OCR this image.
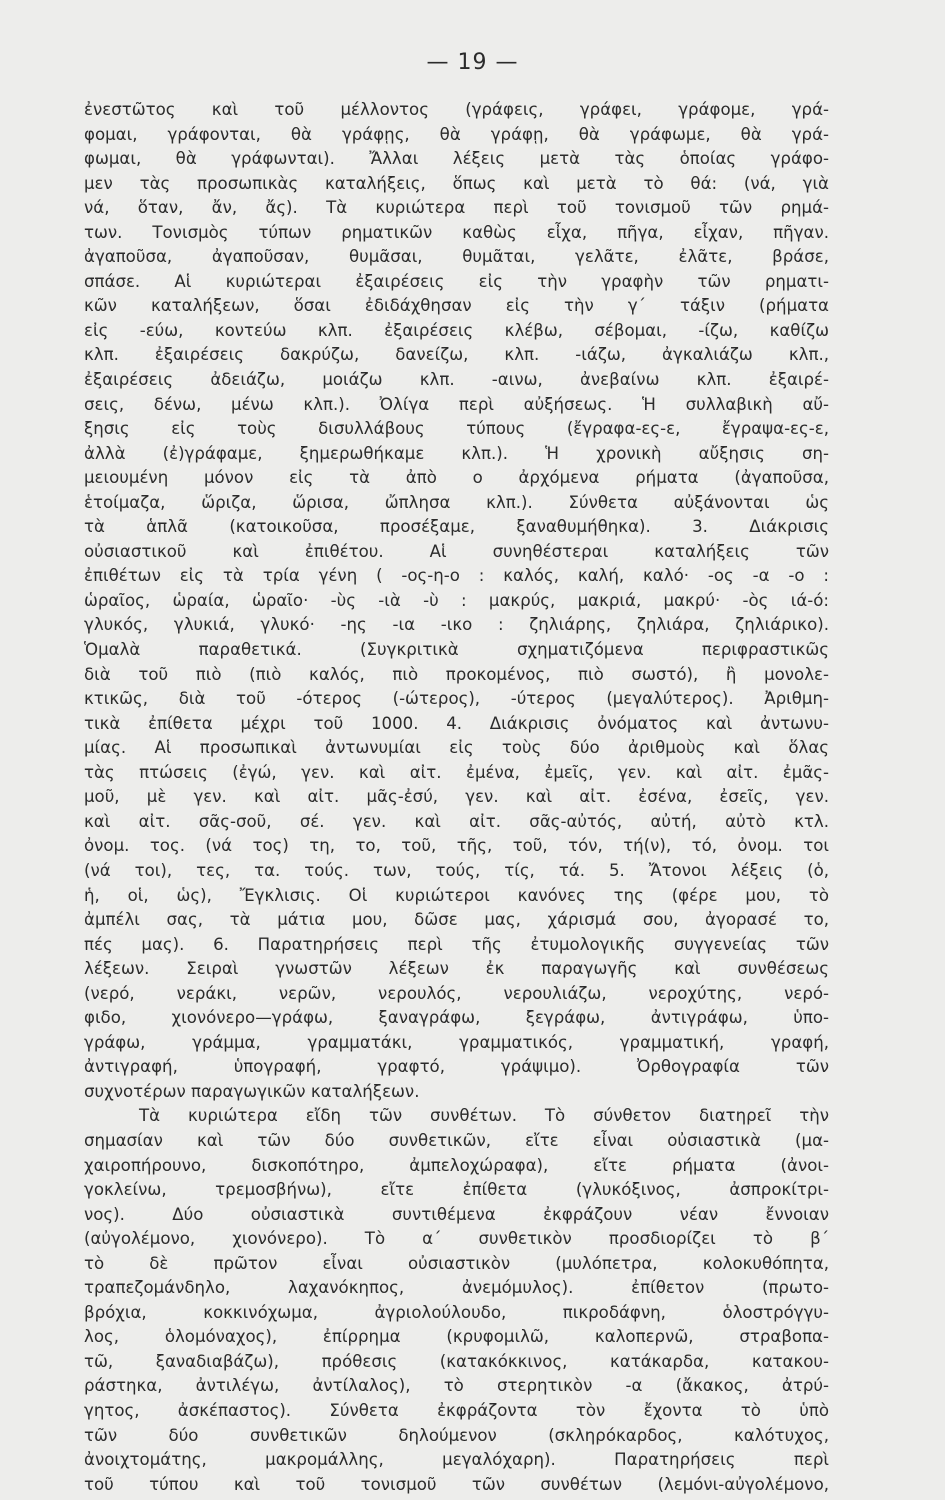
— 19 —
ἐνεστῶτος καὶ τοῦ μέλλοντος (γράφεις, γράφει, γράφομε, γρά-
φομαι, γράφονται, θὰ γράφῃς, θὰ γράφῃ, θὰ γράφωμε, θὰ γρά-
φωμαι, θὰ γράφωνται). Ἄλλαι λέξεις μετὰ τὰς ὁποίας γράφο-
μεν τὰς προσωπικὰς καταλήξεις, ὅπως καὶ μετὰ τὸ θά: (νά, γιὰ
νά, ὅταν, ἄν, ἄς). Τὰ κυριώτερα περὶ τοῦ τονισμοῦ τῶν ρημά-
των. Τονισμὸς τύπων ρηματικῶν καθὼς εἶχα, πῆγα, εἶχαν, πῆγαν.
ἀγαποῦσα, ἀγαποῦσαν, θυμᾶσαι, θυμᾶται, γελᾶτε, ἐλᾶτε, βράσε,
σπάσε. Αἱ κυριώτεραι ἐξαιρέσεις εἰς τὴν γραφὴν τῶν ρηματι-
κῶν καταλήξεων, ὅσαι ἐδιδάχθησαν εἰς τὴν γ΄ τάξιν (ρήματα
εἰς -εύω, κοντεύω κλπ. ἐξαιρέσεις κλέβω, σέβομαι, -ίζω, καθίζω
κλπ. ἐξαιρέσεις δακρύζω, δανείζω, κλπ. -ιάζω, ἀγκαλιάζω κλπ.,
ἐξαιρέσεις ἀδειάζω, μοιάζω κλπ. -αινω, ἀνεβαίνω κλπ. ἐξαιρέ-
σεις, δένω, μένω κλπ.). Ὀλίγα περὶ αὐξήσεως. Ἡ συλλαβικὴ αὔ-
ξησις εἰς τοὺς δισυλλάβους τύπους (ἔγραφα-ες-ε, ἔγραψα-ες-ε,
ἀλλὰ (ἐ)γράφαμε, ξημερωθήκαμε κλπ.). Ἡ χρονικὴ αὔξησις ση-
μειουμένη μόνον εἰς τὰ ἀπὸ ο ἀρχόμενα ρήματα (ἀγαποῦσα,
ἑτοίμαζα, ὥριζα, ὥρισα, ὤπλησα κλπ.). Σύνθετα αὐξάνονται ὡς
τὰ ἁπλᾶ (κατοικοῦσα, προσέξαμε, ξαναθυμήθηκα). 3. Διάκρισις
οὐσιαστικοῦ καὶ ἐπιθέτου. Αἱ συνηθέστεραι καταλήξεις τῶν
ἐπιθέτων εἰς τὰ τρία γένη ( -ος-η-ο : καλός, καλή, καλό· -ος -α -ο :
ὡραῖος, ὡραία, ὡραῖο· -ὺς -ιὰ -ὺ : μακρύς, μακριά, μακρύ· -ὸς ιά-ό:
γλυκός, γλυκιά, γλυκό· -ης -ια -ικο : ζηλιάρης, ζηλιάρα, ζηλιάρικο).
Ὁμαλὰ παραθετικά. (Συγκριτικὰ σχηματιζόμενα περιφραστικῶς
διὰ τοῦ πιὸ (πιὸ καλός, πιὸ προκομένος, πιὸ σωστό), ἢ μονολε-
κτικῶς, διὰ τοῦ -ότερος (-ώτερος), -ύτερος (μεγαλύτερος). Ἀριθμη-
τικὰ ἐπίθετα μέχρι τοῦ 1000. 4. Διάκρισις ὀνόματος καὶ ἀντωνυ-
μίας. Αἱ προσωπικαὶ ἀντωνυμίαι εἰς τοὺς δύο ἀριθμοὺς καὶ ὅλας
τὰς πτώσεις (ἐγώ, γεν. καὶ αἰτ. ἐμένα, ἐμεῖς, γεν. καὶ αἰτ. ἐμᾶς-
μοῦ, μὲ γεν. καὶ αἰτ. μᾶς-ἐσύ, γεν. καὶ αἰτ. ἐσένα, ἐσεῖς, γεν.
καὶ αἰτ. σᾶς-σοῦ, σέ. γεν. καὶ αἰτ. σᾶς-αὐτός, αὐτή, αὐτὸ κτλ.
ὀνομ. τος. (νά τος) τη, το, τοῦ, τῆς, τοῦ, τόν, τή(ν), τό, ὀνομ. τοι
(νά τοι), τες, τα. τούς. των, τούς, τίς, τά. 5. Ἄτονοι λέξεις (ὁ,
ἡ, οἱ, ὡς), Ἔγκλισις. Οἱ κυριώτεροι κανόνες της (φέρε μου, τὸ
ἀμπέλι σας, τὰ μάτια μου, δῶσε μας, χάρισμά σου, ἀγορασέ το,
πές μας). 6. Παρατηρήσεις περὶ τῆς ἐτυμολογικῆς συγγενείας τῶν
λέξεων. Σειραὶ γνωστῶν λέξεων ἐκ παραγωγῆς καὶ συνθέσεως
(νερό, νεράκι, νερῶν, νερουλός, νερουλιάζω, νεροχύτης, νερό-
φιδο, χιονόνερο—γράφω, ξαναγράφω, ξεγράφω, ἀντιγράφω, ὑπο-
γράφω, γράμμα, γραμματάκι, γραμματικός, γραμματική, γραφή,
ἀντιγραφή, ὑπογραφή, γραφτό, γράψιμο). Ὀρθογραφία τῶν
συχνοτέρων παραγωγικῶν καταλήξεων.
Τὰ κυριώτερα εἴδη τῶν συνθέτων. Τὸ σύνθετον διατηρεῖ τὴν
σημασίαν καὶ τῶν δύο συνθετικῶν, εἴτε εἶναι οὐσιαστικὰ (μα-
χαιροπήρουνο, δισκοπότηρο, ἀμπελοχώραφα), εἴτε ρήματα (ἀνοι-
γοκλείνω, τρεμοσβήνω), εἴτε ἐπίθετα (γλυκόξινος, ἀσπροκίτρι-
νος). Δύο οὐσιαστικὰ συντιθέμενα ἐκφράζουν νέαν ἔννοιαν
(αὐγολέμονο, χιονόνερο). Τὸ α΄ συνθετικὸν προσδιορίζει τὸ β΄
τὸ δὲ πρῶτον εἶναι οὐσιαστικὸν (μυλόπετρα, κολοκυθόπητα,
τραπεζομάνδηλο, λαχανόκηπος, ἀνεμόμυλος). ἐπίθετον (πρωτο-
βρόχια, κοκκινόχωμα, ἀγριολούλουδο, πικροδάφνη, ὁλοστρόγγυ-
λος, ὁλομόναχος), ἐπίρρημα (κρυφομιλῶ, καλοπερνῶ, στραβοπα-
τῶ, ξαναδιαβάζω), πρόθεσις (κατακόκκινος, κατάκαρδα, κατακου-
ράστηκα, ἀντιλέγω, ἀντίλαλος), τὸ στερητικὸν -α (ἄκακος, ἀτρύ-
γητος, ἀσκέπαστος). Σύνθετα ἐκφράζοντα τὸν ἔχοντα τὸ ὑπὸ
τῶν δύο συνθετικῶν δηλούμενον (σκληρόκαρδος, καλότυχος,
ἀνοιχτομάτης, μακρομάλλης, μεγαλόχαρη). Παρατηρήσεις περὶ
τοῦ τύπου καὶ τοῦ τονισμοῦ τῶν συνθέτων (λεμόνι-αὐγολέμονο,
